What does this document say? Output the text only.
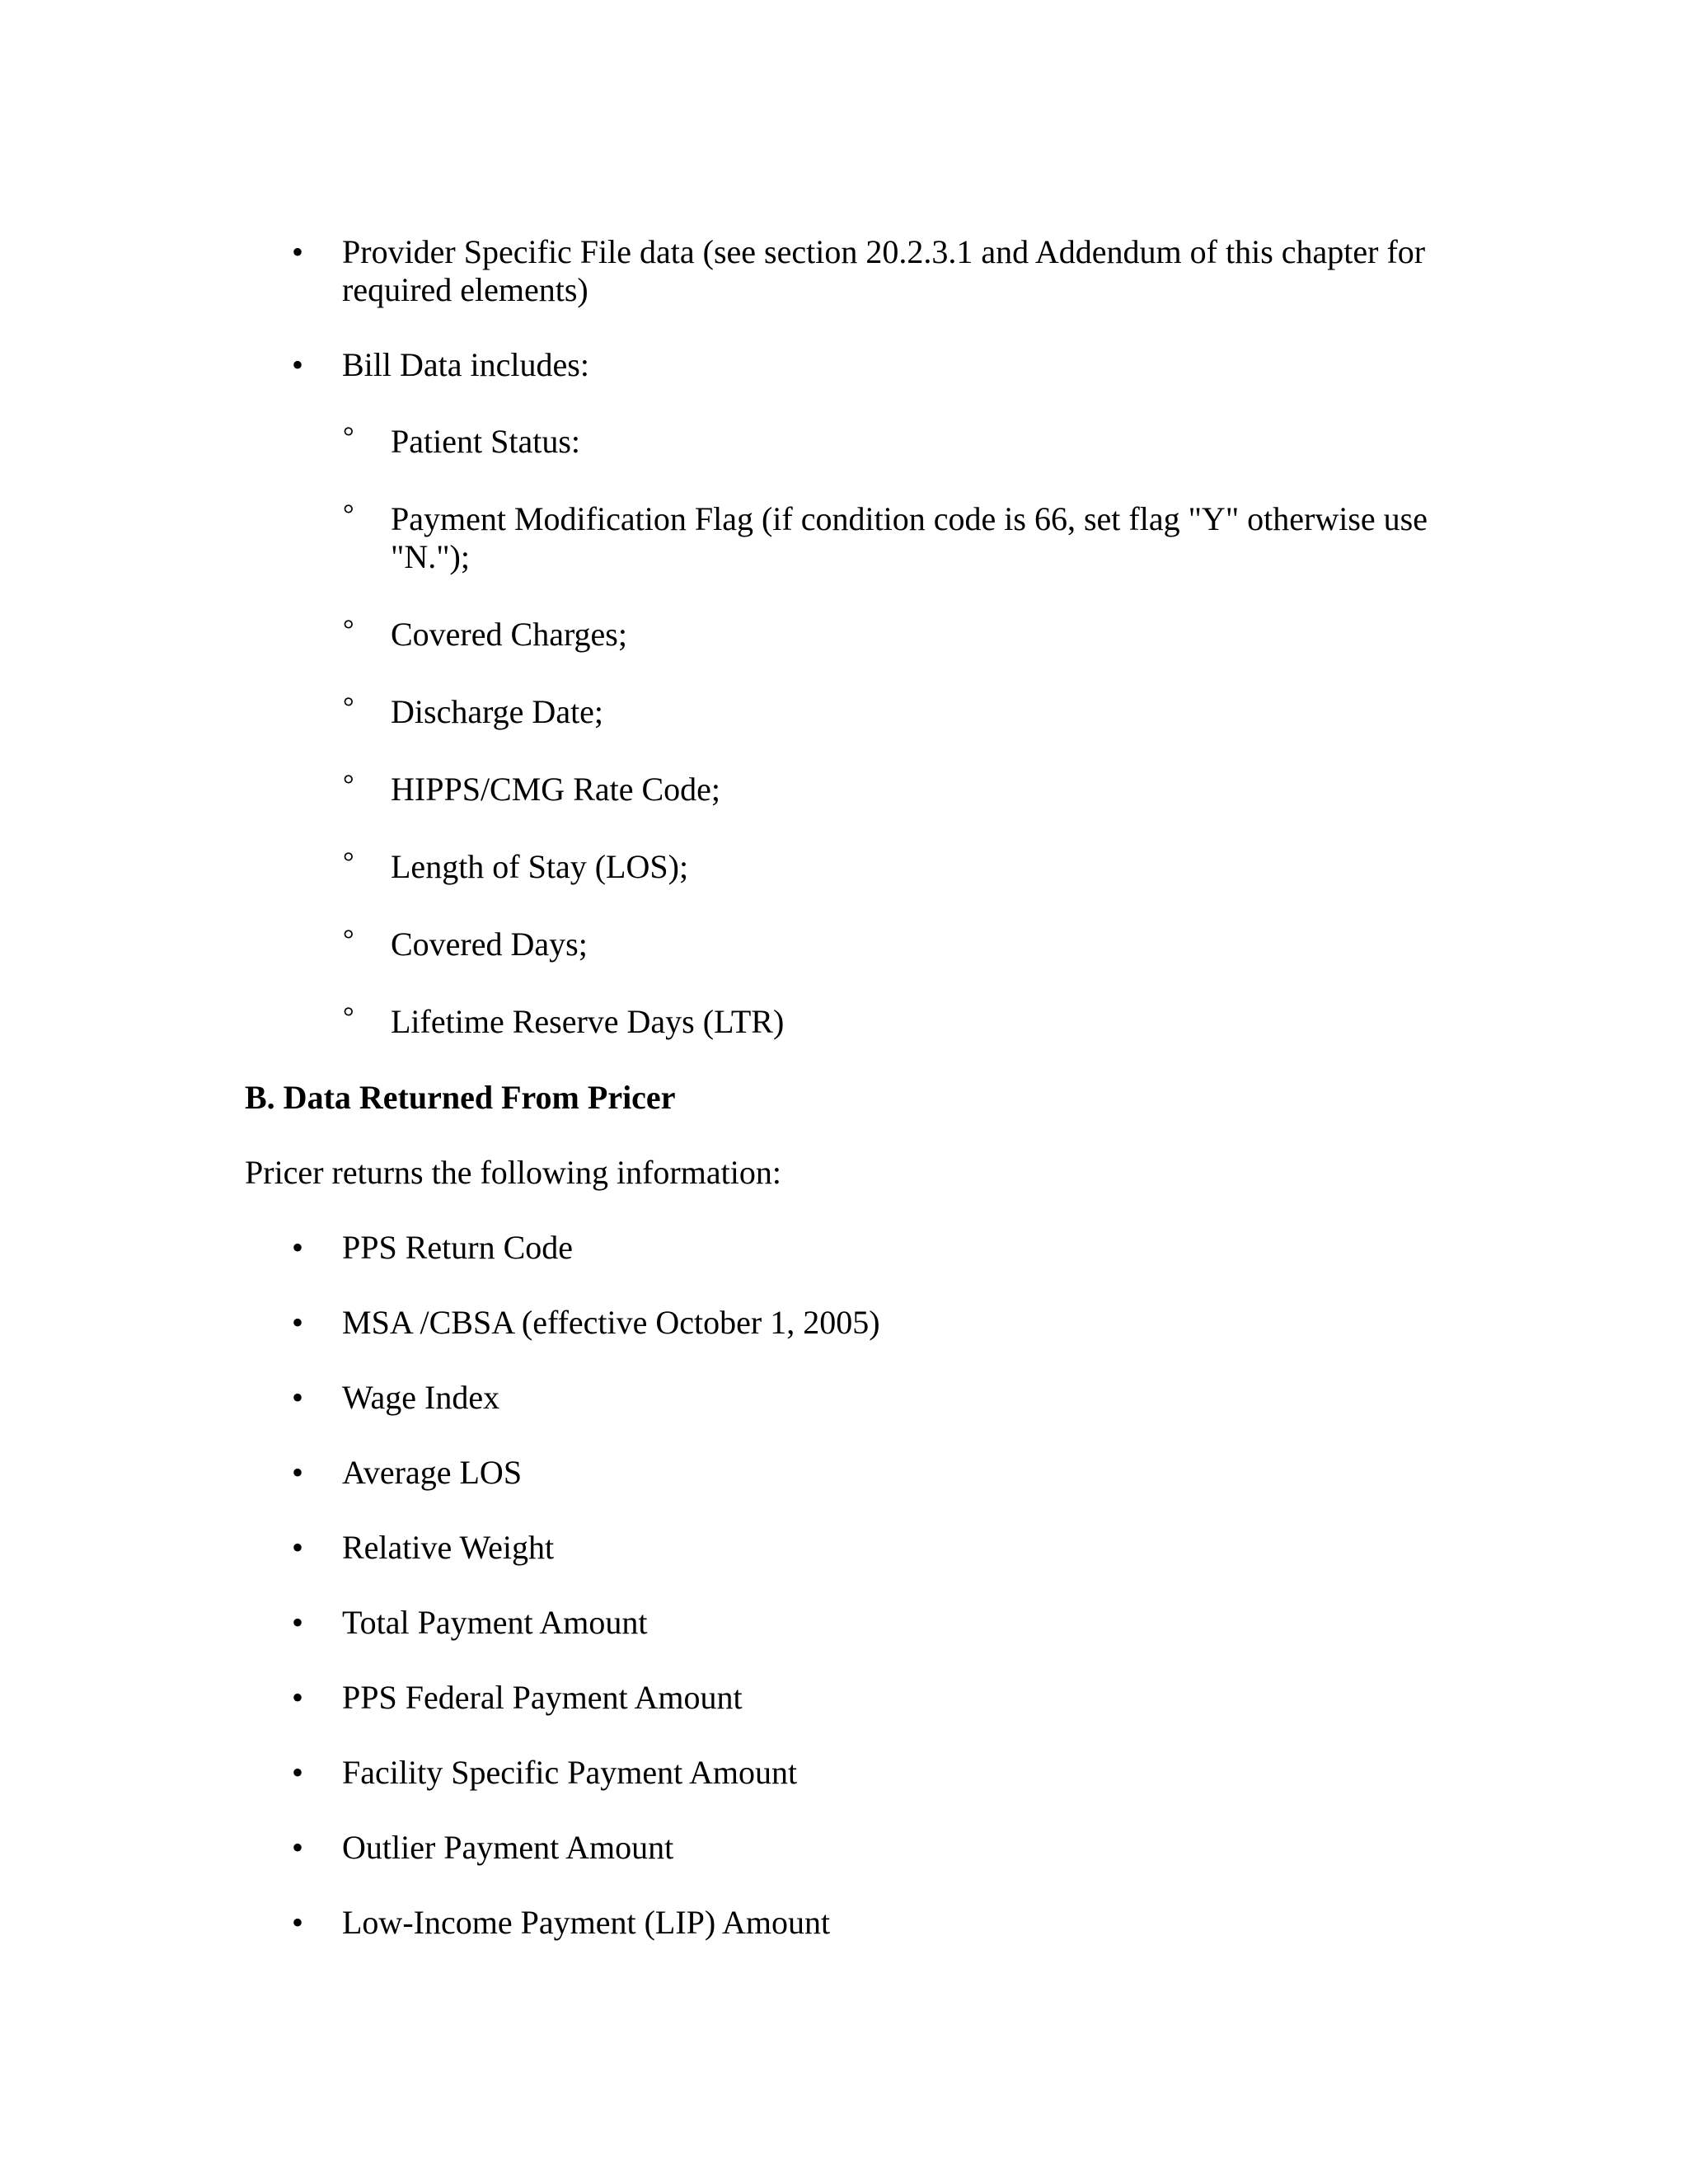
• Provider Specific File data (see section 20.2.3.1 and Addendum of this chapter for
required elements)
• Bill Data includes:
° Patient Status:
° Payment Modification Flag (if condition code is 66, set flag "Y" otherwise use
"N.");
° Covered Charges;
° Discharge Date;
° HIPPS/CMG Rate Code;
° Length of Stay (LOS);
° Covered Days;
° Lifetime Reserve Days (LTR)
B. Data Returned From Pricer
Pricer returns the following information:
• PPS Return Code
• MSA /CBSA (effective October 1, 2005)
• Wage Index
• Average LOS
• Relative Weight
• Total Payment Amount
• PPS Federal Payment Amount
• Facility Specific Payment Amount
• Outlier Payment Amount
• Low-Income Payment (LIP) Amount
